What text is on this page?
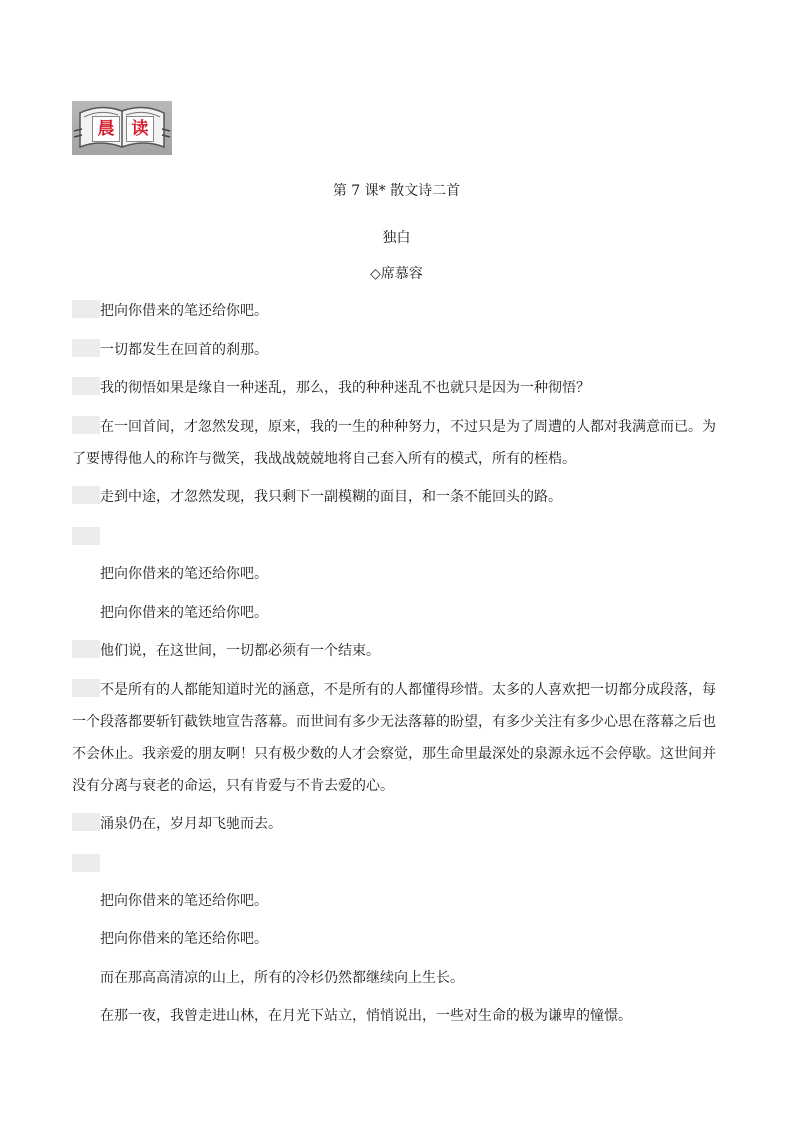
晨	读

第 7 课* 散文诗二首

独白

◇席慕容

把向你借来的笔还给你吧。

一切都发生在回首的刹那。

我的彻悟如果是缘自一种迷乱，那么，我的种种迷乱不也就只是因为一种彻悟？

在一回首间，才忽然发现，原来，我的一生的种种努力，不过只是为了周遭的人都对我满意而已。为了要博得他人的称许与微笑，我战战兢兢地将自己套入所有的模式，所有的桎梏。

走到中途，才忽然发现，我只剩下一副模糊的面目，和一条不能回头的路。

把向你借来的笔还给你吧。

把向你借来的笔还给你吧。

他们说，在这世间，一切都必须有一个结束。

不是所有的人都能知道时光的涵意，不是所有的人都懂得珍惜。太多的人喜欢把一切都分成段落，每一个段落都要斩钉截铁地宣告落幕。而世间有多少无法落幕的盼望，有多少关注有多少心思在落幕之后也不会休止。我亲爱的朋友啊！只有极少数的人才会察觉，那生命里最深处的泉源永远不会停歇。这世间并没有分离与衰老的命运，只有肯爱与不肯去爱的心。

涌泉仍在，岁月却飞驰而去。

把向你借来的笔还给你吧。

把向你借来的笔还给你吧。

而在那高高清凉的山上，所有的冷杉仍然都继续向上生长。

在那一夜，我曾走进山林，在月光下站立，悄悄说出，一些对生命的极为谦卑的憧憬。
